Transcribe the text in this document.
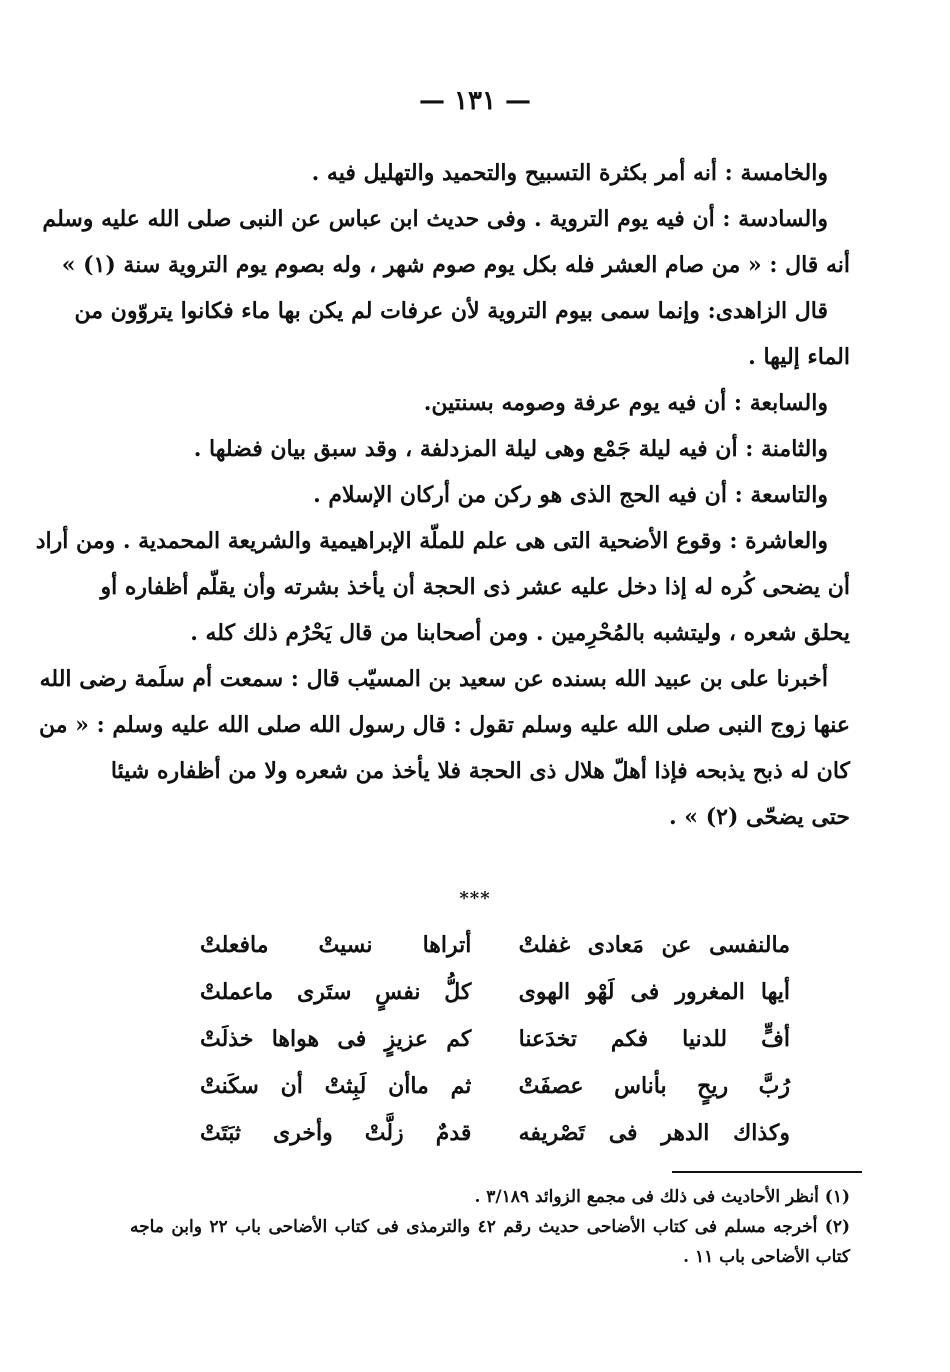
— ١٣١ —
والخامسة : أنه أمر بكثرة التسبيح والتحميد والتهليل فيه .
والسادسة : أن فيه يوم التروية . وفى حديث ابن عباس عن النبى صلى الله عليه وسلم
أنه قال : « من صام العشر فله بكل يوم صوم شهر ، وله بصوم يوم التروية سنة (١) »
قال الزاهدى: وإنما سمى بيوم التروية لأن عرفات لم يكن بها ماء فكانوا يتروّون من
الماء إليها .
والسابعة : أن فيه يوم عرفة وصومه بسنتين.
والثامنة : أن فيه ليلة جَمْع وهى ليلة المزدلفة ، وقد سبق بيان فضلها .
والتاسعة : أن فيه الحج الذى هو ركن من أركان الإسلام .
والعاشرة : وقوع الأضحية التى هى علم للملّة الإبراهيمية والشريعة المحمدية . ومن أراد
أن يضحى كُره له إذا دخل عليه عشر ذى الحجة أن يأخذ بشرته وأن يقلّم أظفاره أو
يحلق شعره ، وليتشبه بالمُحْرِمين . ومن أصحابنا من قال يَحْرُم ذلك كله .
أخبرنا على بن عبيد الله بسنده عن سعيد بن المسيّب قال : سمعت أم سلَمة رضى الله
عنها زوج النبى صلى الله عليه وسلم تقول : قال رسول الله صلى الله عليه وسلم : « من
كان له ذبح يذبحه فإذا أهلّ هلال ذى الحجة فلا يأخذ من شعره ولا من أظفاره شيئا
حتى يضحّى (٢) » .
***
مالنفسى عن مَعادى غفلتْ
أتراها نسيتْ مافعلتْ
أيها المغرور فى لَهْو الهوى
كلُّ نفسٍ ستَرى ماعملتْ
أفٍّ للدنيا فكم تخدَعنا
كم عزيزٍ فى هواها خذلَتْ
رُبَّ ريحٍ بأناس عصفَتْ
ثم ماأن لَبِثتْ أن سكَنتْ
وكذاك الدهر فى تَصْريفه
قدمٌ زلَّتْ وأخرى ثبَتَتْ
(١) أنظر الأحاديث فى ذلك فى مجمع الزوائد ٣/١٨٩ .
(٢) أخرجه مسلم فى كتاب الأضاحى حديث رقم ٤٢ والترمذى فى كتاب الأضاحى باب ٢٢ وابن ماجه
كتاب الأضاحى باب ١١ .
